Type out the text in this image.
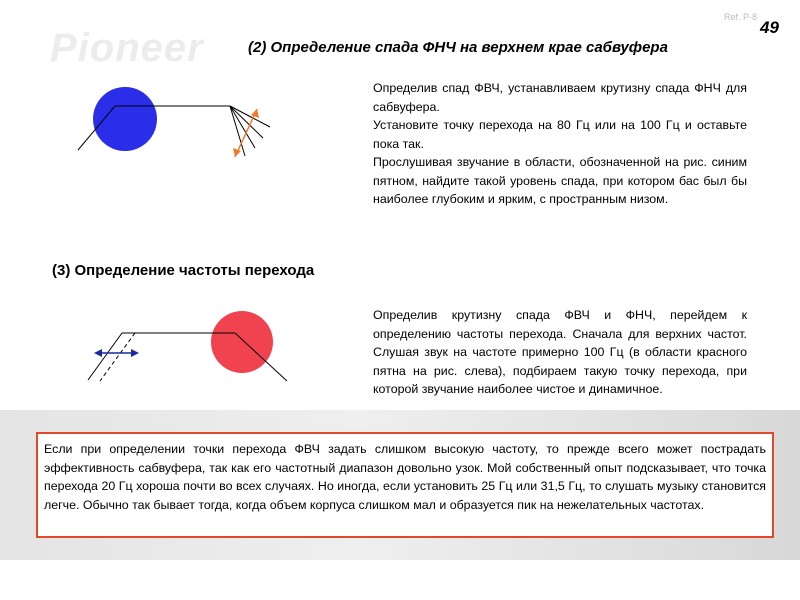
Pioneer
Ref. P-8
49
(2) Определение спада ФНЧ на верхнем крае сабвуфера
Определив спад ФВЧ, устанавливаем крутизну спада ФНЧ для сабвуфера.
Установите точку перехода на 80 Гц или на 100 Гц и оставьте пока так.
Прослушивая звучание в области, обозначенной на рис. синим пятном, найдите такой уровень спада, при котором бас был бы наиболее глубоким и ярким, с пространным низом.
(3) Определение частоты перехода
Определив крутизну спада ФВЧ и ФНЧ, перейдем к определению частоты перехода. Сначала для верхних частот. Слушая звук на частоте примерно 100 Гц (в области красного пятна на рис. слева), подбираем такую точку перехода, при которой звучание наиболее чистое и динамичное.
Если при определении точки перехода ФВЧ задать слишком высокую частоту, то прежде всего может пострадать эффективность сабвуфера, так как его частотный диапазон довольно узок. Мой собственный опыт подсказывает, что точка перехода 20 Гц хороша почти во всех случаях. Но иногда, если установить 25 Гц или 31,5 Гц, то слушать музыку становится легче. Обычно так бывает тогда, когда объем корпуса слишком мал и образуется пик на нежелательных частотах.
